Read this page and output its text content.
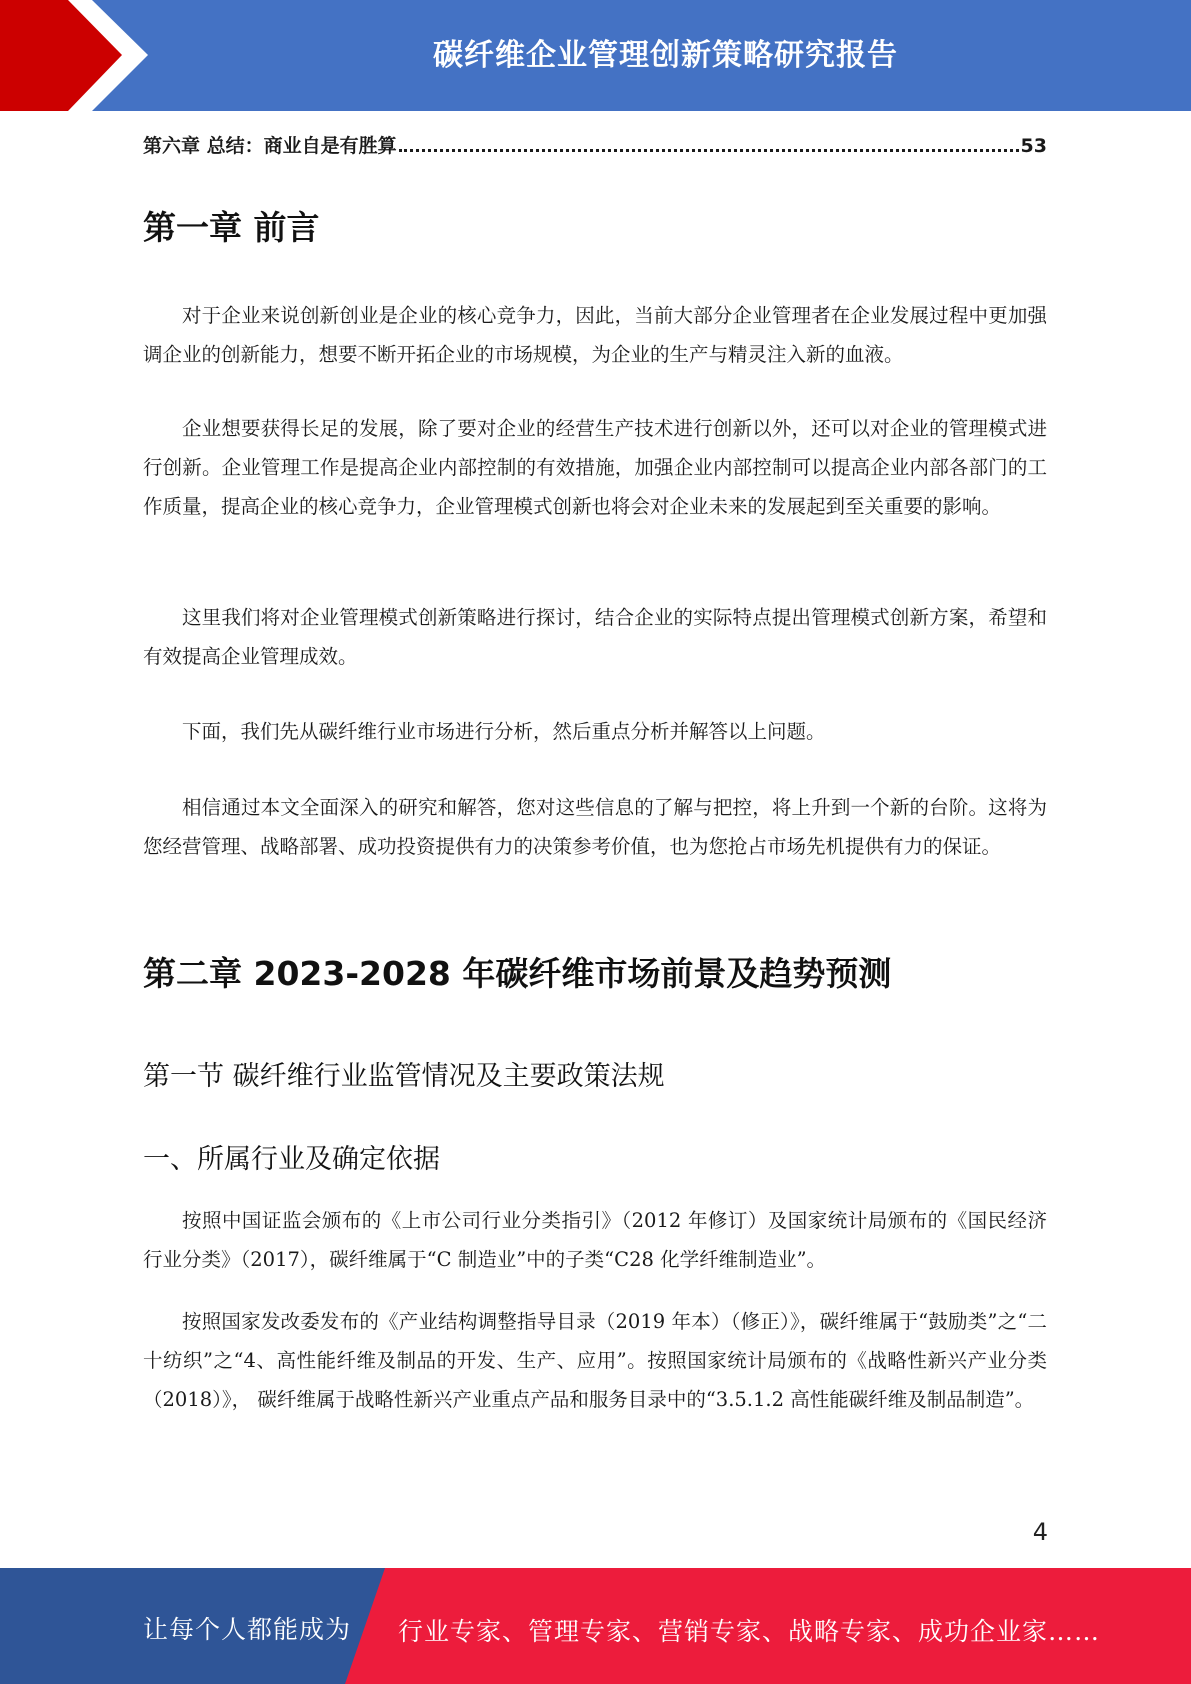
碳纤维企业管理创新策略研究报告
第六章 总结：商业自是有胜算	53
第一章 前言
对于企业来说创新创业是企业的核心竞争力，因此，当前大部分企业管理者在企业发展过程中更加强调企业的创新能力，想要不断开拓企业的市场规模，为企业的生产与精灵注入新的血液。
企业想要获得长足的发展，除了要对企业的经营生产技术进行创新以外，还可以对企业的管理模式进行创新。企业管理工作是提高企业内部控制的有效措施，加强企业内部控制可以提高企业内部各部门的工作质量，提高企业的核心竞争力，企业管理模式创新也将会对企业未来的发展起到至关重要的影响。
这里我们将对企业管理模式创新策略进行探讨，结合企业的实际特点提出管理模式创新方案，希望和有效提高企业管理成效。
下面，我们先从碳纤维行业市场进行分析，然后重点分析并解答以上问题。
相信通过本文全面深入的研究和解答，您对这些信息的了解与把控，将上升到一个新的台阶。这将为您经营管理、战略部署、成功投资提供有力的决策参考价值，也为您抢占市场先机提供有力的保证。
第二章 2023-2028 年碳纤维市场前景及趋势预测
第一节 碳纤维行业监管情况及主要政策法规
一、所属行业及确定依据
按照中国证监会颁布的《上市公司行业分类指引》（2012 年修订）及国家统计局颁布的《国民经济行业分类》（2017），碳纤维属于“C 制造业”中的子类“C28 化学纤维制造业”。
按照国家发改委发布的《产业结构调整指导目录（2019 年本）（修正）》，碳纤维属于“鼓励类”之“二十纺织”之“4、高性能纤维及制品的开发、生产、应用”。按照国家统计局颁布的《战略性新兴产业分类（2018）》， 碳纤维属于战略性新兴产业重点产品和服务目录中的“3.5.1.2 高性能碳纤维及制品制造”。
4
让每个人都能成为 行业专家、管理专家、营销专家、战略专家、成功企业家……
